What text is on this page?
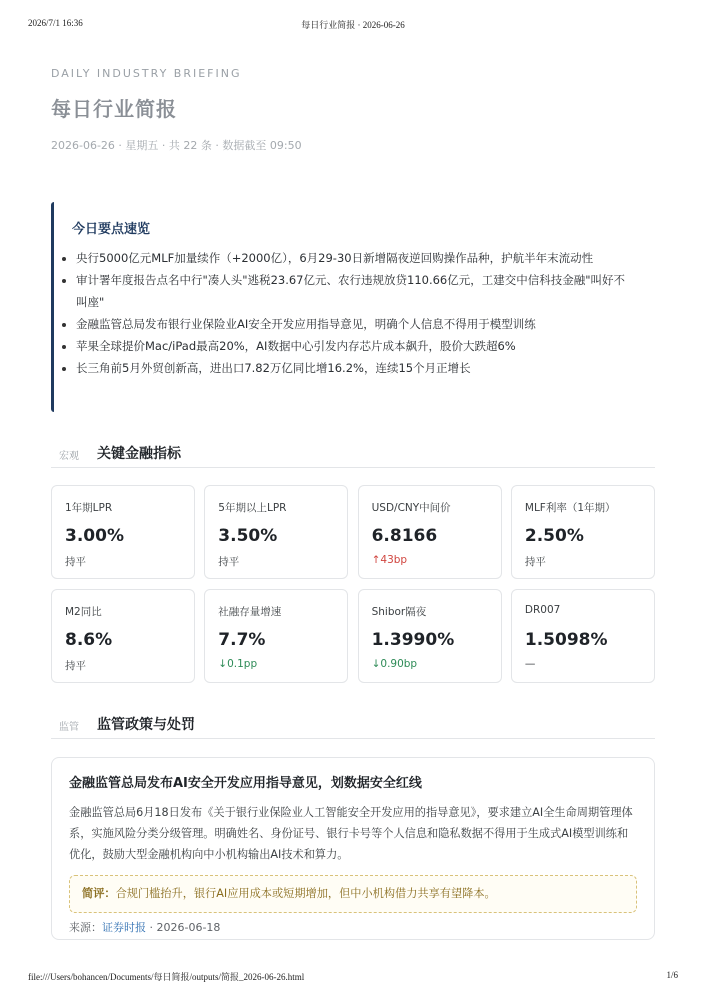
2026/7/1 16:36	每日行业简报 · 2026-06-26
DAILY INDUSTRY BRIEFING
每日行业简报
2026-06-26 · 星期五 · 共 22 条 · 数据截至 09:50
今日要点速览
央行5000亿元MLF加量续作（+2000亿），6月29-30日新增隔夜逆回购操作品种，护航半年末流动性
审计署年度报告点名中行"凑人头"逃税23.67亿元、农行违规放贷110.66亿元，工建交中信科技金融"叫好不叫座"
金融监管总局发布银行业保险业AI安全开发应用指导意见，明确个人信息不得用于模型训练
苹果全球提价Mac/iPad最高20%，AI数据中心引发内存芯片成本飙升，股价大跌超6%
长三角前5月外贸创新高，进出口7.82万亿同比增16.2%，连续15个月正增长
宏观 关键金融指标
1年期LPR
3.00%
持平
5年期以上LPR
3.50%
持平
USD/CNY中间价
6.8166
↑43bp
MLF利率（1年期）
2.50%
持平
M2同比
8.6%
持平
社融存量增速
7.7%
↓0.1pp
Shibor隔夜
1.3990%
↓0.90bp
DR007
1.5098%
—
监管 监管政策与处罚
金融监管总局发布AI安全开发应用指导意见，划数据安全红线

金融监管总局6月18日发布《关于银行业保险业人工智能安全开发应用的指导意见》，要求建立AI全生命周期管理体系，实施风险分类分级管理。明确姓名、身份证号、银行卡号等个人信息和隐私数据不得用于生成式AI模型训练和优化，鼓励大型金融机构向中小机构输出AI技术和算力。

简评：合规门槛抬升，银行AI应用成本或短期增加，但中小机构借力共享有望降本。
来源：证券时报 · 2026-06-18
file:///Users/bohancen/Documents/每日简报/outputs/简报_2026-06-26.html	1/6
